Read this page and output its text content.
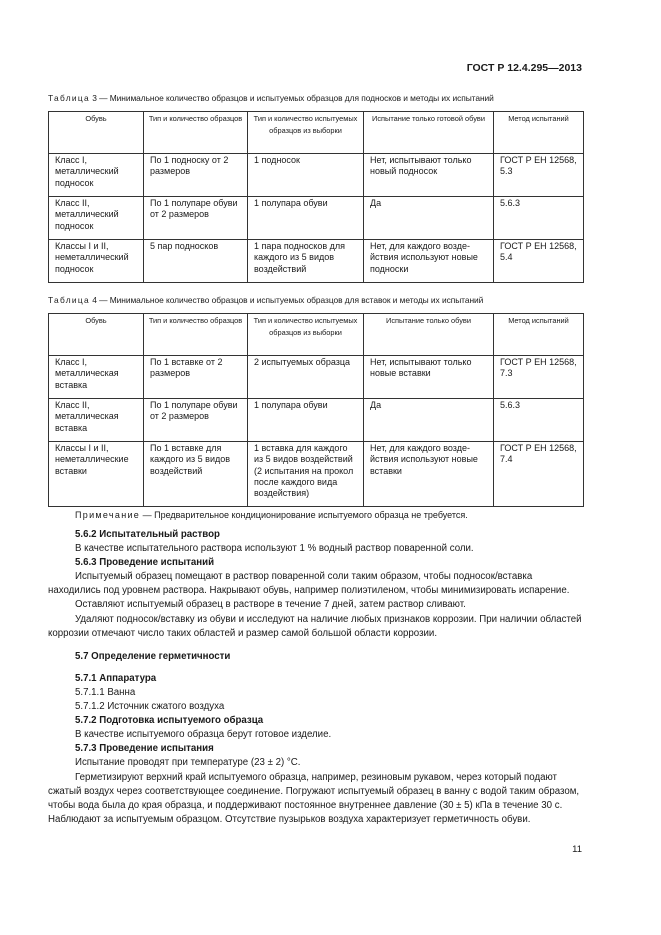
ГОСТ Р 12.4.295—2013
Таблица 3 — Минимальное количество образцов и испытуемых образцов для подносков и методы их испытаний
Обувь	Тип и количество образцов	Тип и количество испытуемых образцов из выборки	Испытание только готовой обуви	Метод испытаний
Класс I, металлический подносок	По 1 подноску от 2 размеров	1 подносок	Нет, испытывают только новый подносок	ГОСТ Р ЕН 12568, 5.3
Класс II, металлический подносок	По 1 полупаре обуви от 2 размеров	1 полупара обуви	Да	5.6.3
Классы I и II, неметаллический подносок	5 пар подносков	1 пара подносков для каждого из 5 видов воздействий	Нет, для каждого воздействия используют новые подноски	ГОСТ Р ЕН 12568, 5.4
Таблица 4 — Минимальное количество образцов и испытуемых образцов для вставок и методы их испытаний
Обувь	Тип и количество образцов	Тип и количество испытуемых образцов из выборки	Испытание только обуви	Метод испытаний
Класс I, металлическая вставка	По 1 вставке от 2 размеров	2 испытуемых образца	Нет, испытывают только новые вставки	ГОСТ Р ЕН 12568, 7.3
Класс II, металлическая вставка	По 1 полупаре обуви от 2 размеров	1 полупара обуви	Да	5.6.3
Классы I и II, неметаллические вставки	По 1 вставке для каждого из 5 видов воздействий	1 вставка для каждого из 5 видов воздействий (2 испытания на прокол после каждого вида воздействия)	Нет, для каждого воздействия используют новые вставки	ГОСТ Р ЕН 12568, 7.4
Примечание — Предварительное кондиционирование испытуемого образца не требуется.

5.6.2 Испытательный раствор

В качестве испытательного раствора используют 1 % водный раствор поваренной соли.

5.6.3 Проведение испытаний

Испытуемый образец помещают в раствор поваренной соли таким образом, чтобы подносок/вставка находились под уровнем раствора. Накрывают обувь, например полиэтиленом, чтобы минимизировать испарение.

Оставляют испытуемый образец в растворе в течение 7 дней, затем раствор сливают.

Удаляют подносок/вставку из обуви и исследуют на наличие любых признаков коррозии. При наличии областей коррозии отмечают число таких областей и размер самой большой области коррозии.

5.7 Определение герметичности

5.7.1 Аппаратура

5.7.1.1 Ванна

5.7.1.2 Источник сжатого воздуха

5.7.2 Подготовка испытуемого образца

В качестве испытуемого образца берут готовое изделие.

5.7.3 Проведение испытания

Испытание проводят при температуре (23 ± 2) °С.

Герметизируют верхний край испытуемого образца, например, резиновым рукавом, через который подают сжатый воздух через соответствующее соединение. Погружают испытуемый образец в ванну с водой таким образом, чтобы вода была до края образца, и поддерживают постоянное внутреннее давление (30 ± 5) кПа в течение 30 с. Наблюдают за испытуемым образцом. Отсутствие пузырьков воздуха характеризует герметичность обуви.

11
